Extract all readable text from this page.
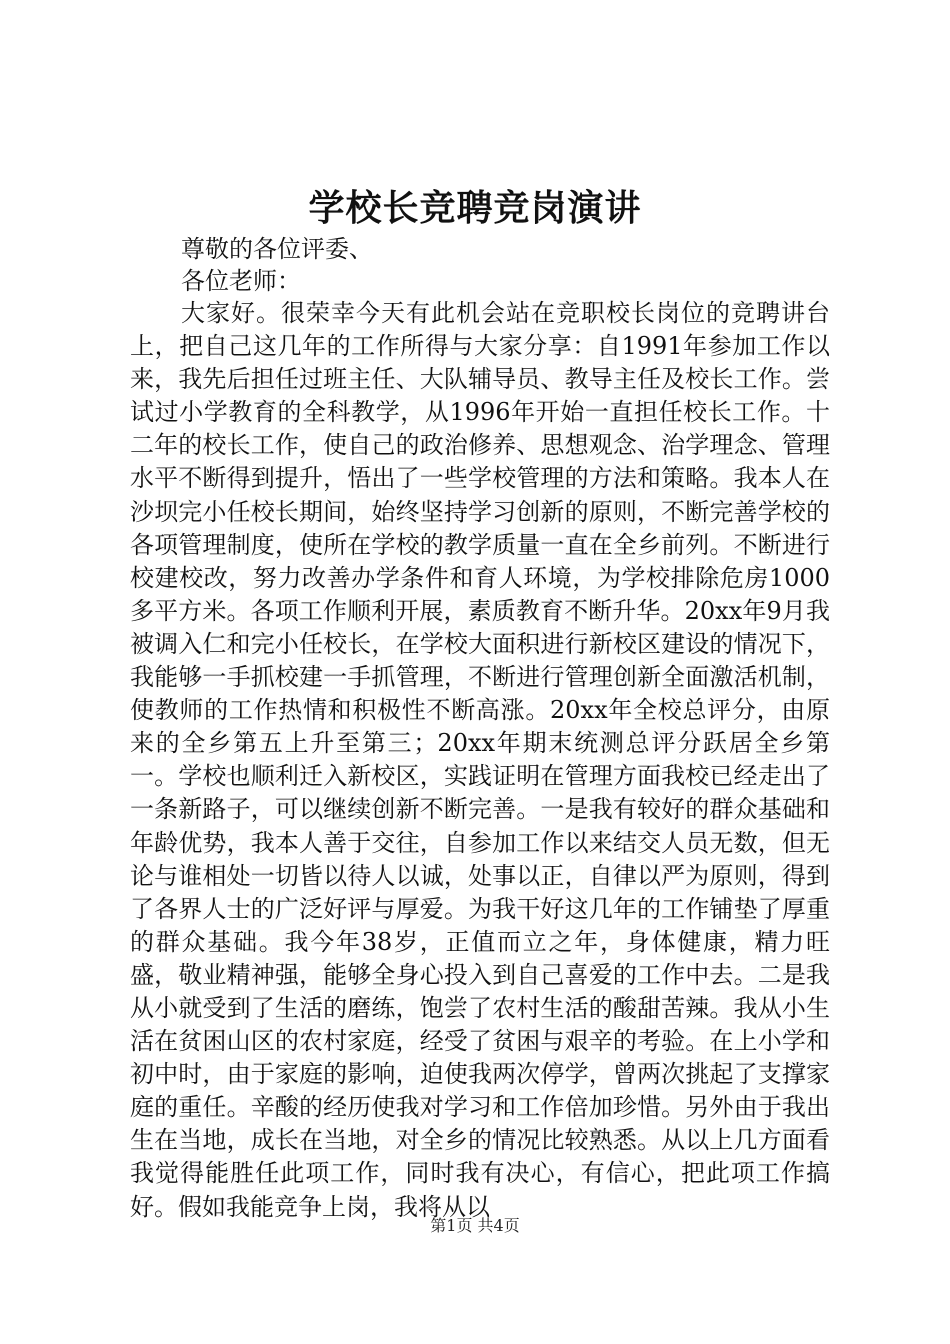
学校长竞聘竞岗演讲
尊敬的各位评委、
各位老师：
大家好。很荣幸今天有此机会站在竞职校长岗位的竞聘讲台上，把自己这几年的工作所得与大家分享：自1991年参加工作以来，我先后担任过班主任、大队辅导员、教导主任及校长工作。尝试过小学教育的全科教学，从1996年开始一直担任校长工作。十二年的校长工作，使自己的政治修养、思想观念、治学理念、管理水平不断得到提升，悟出了一些学校管理的方法和策略。我本人在沙坝完小任校长期间，始终坚持学习创新的原则，不断完善学校的各项管理制度，使所在学校的教学质量一直在全乡前列。不断进行校建校改，努力改善办学条件和育人环境，为学校排除危房1000多平方米。各项工作顺利开展，素质教育不断升华。20xx年9月我被调入仁和完小任校长，在学校大面积进行新校区建设的情况下，我能够一手抓校建一手抓管理，不断进行管理创新全面激活机制，使教师的工作热情和积极性不断高涨。20xx年全校总评分，由原来的全乡第五上升至第三；20xx年期末统测总评分跃居全乡第一。学校也顺利迁入新校区，实践证明在管理方面我校已经走出了一条新路子，可以继续创新不断完善。一是我有较好的群众基础和年龄优势，我本人善于交往，自参加工作以来结交人员无数，但无论与谁相处一切皆以待人以诚，处事以正，自律以严为原则，得到了各界人士的广泛好评与厚爱。为我干好这几年的工作铺垫了厚重的群众基础。我今年38岁，正值而立之年，身体健康，精力旺盛，敬业精神强，能够全身心投入到自己喜爱的工作中去。二是我从小就受到了生活的磨练，饱尝了农村生活的酸甜苦辣。我从小生活在贫困山区的农村家庭，经受了贫困与艰辛的考验。在上小学和初中时，由于家庭的影响，迫使我两次停学，曾两次挑起了支撑家庭的重任。辛酸的经历使我对学习和工作倍加珍惜。另外由于我出生在当地，成长在当地，对全乡的情况比较熟悉。从以上几方面看我觉得能胜任此项工作，同时我有决心，有信心，把此项工作搞好。假如我能竞争上岗，我将从以
第1页 共4页
